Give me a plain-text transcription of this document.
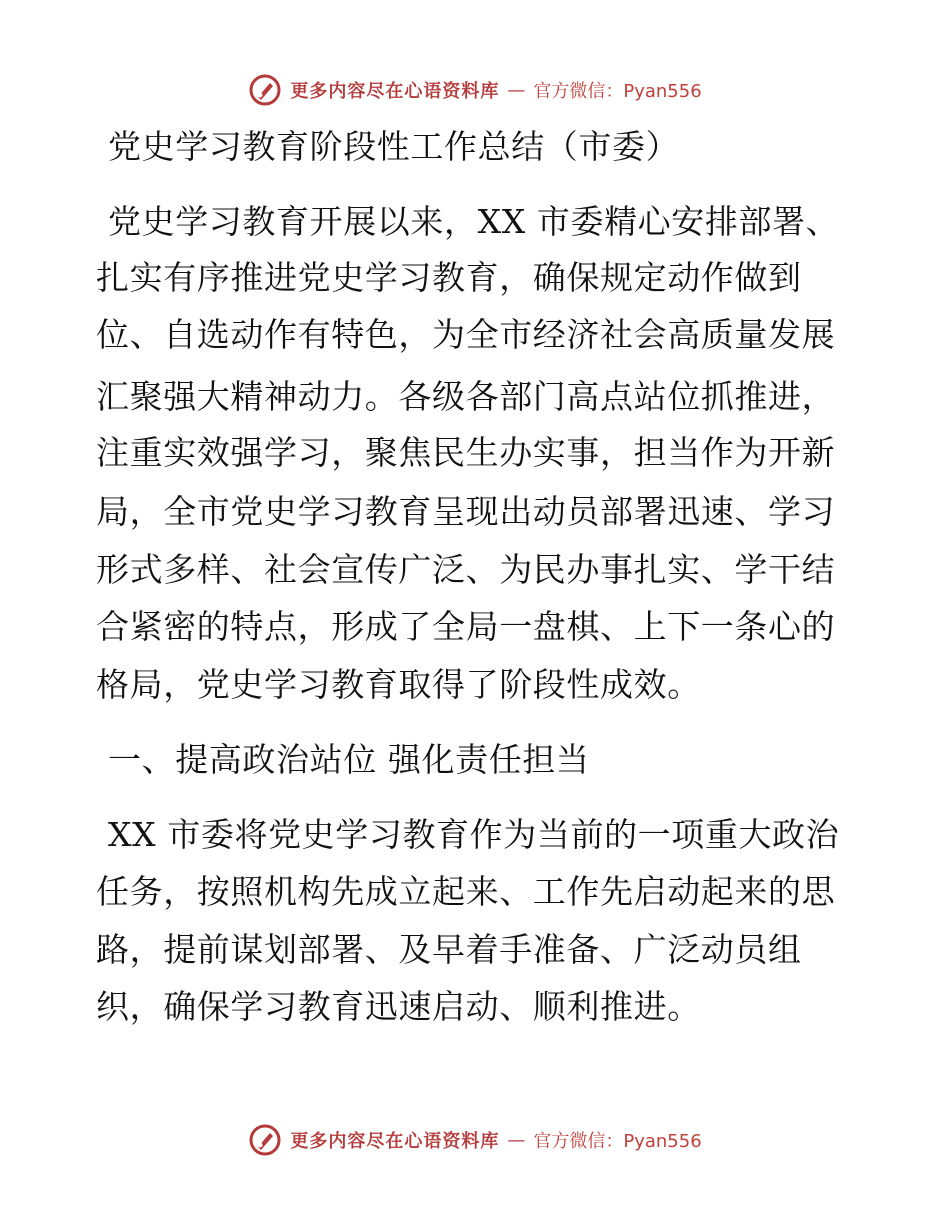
更多内容尽在心语资料库 — 官方微信：Pyan556
党史学习教育阶段性工作总结（市委）
党史学习教育开展以来，XX 市委精心安排部署、
扎实有序推进党史学习教育，确保规定动作做到
位、自选动作有特色，为全市经济社会高质量发展
汇聚强大精神动力。各级各部门高点站位抓推进，
注重实效强学习，聚焦民生办实事，担当作为开新
局，全市党史学习教育呈现出动员部署迅速、学习
形式多样、社会宣传广泛、为民办事扎实、学干结
合紧密的特点，形成了全局一盘棋、上下一条心的
格局，党史学习教育取得了阶段性成效。
一、提高政治站位 强化责任担当
XX 市委将党史学习教育作为当前的一项重大政治
任务，按照机构先成立起来、工作先启动起来的思
路，提前谋划部署、及早着手准备、广泛动员组
织，确保学习教育迅速启动、顺利推进。
更多内容尽在心语资料库 — 官方微信：Pyan556
